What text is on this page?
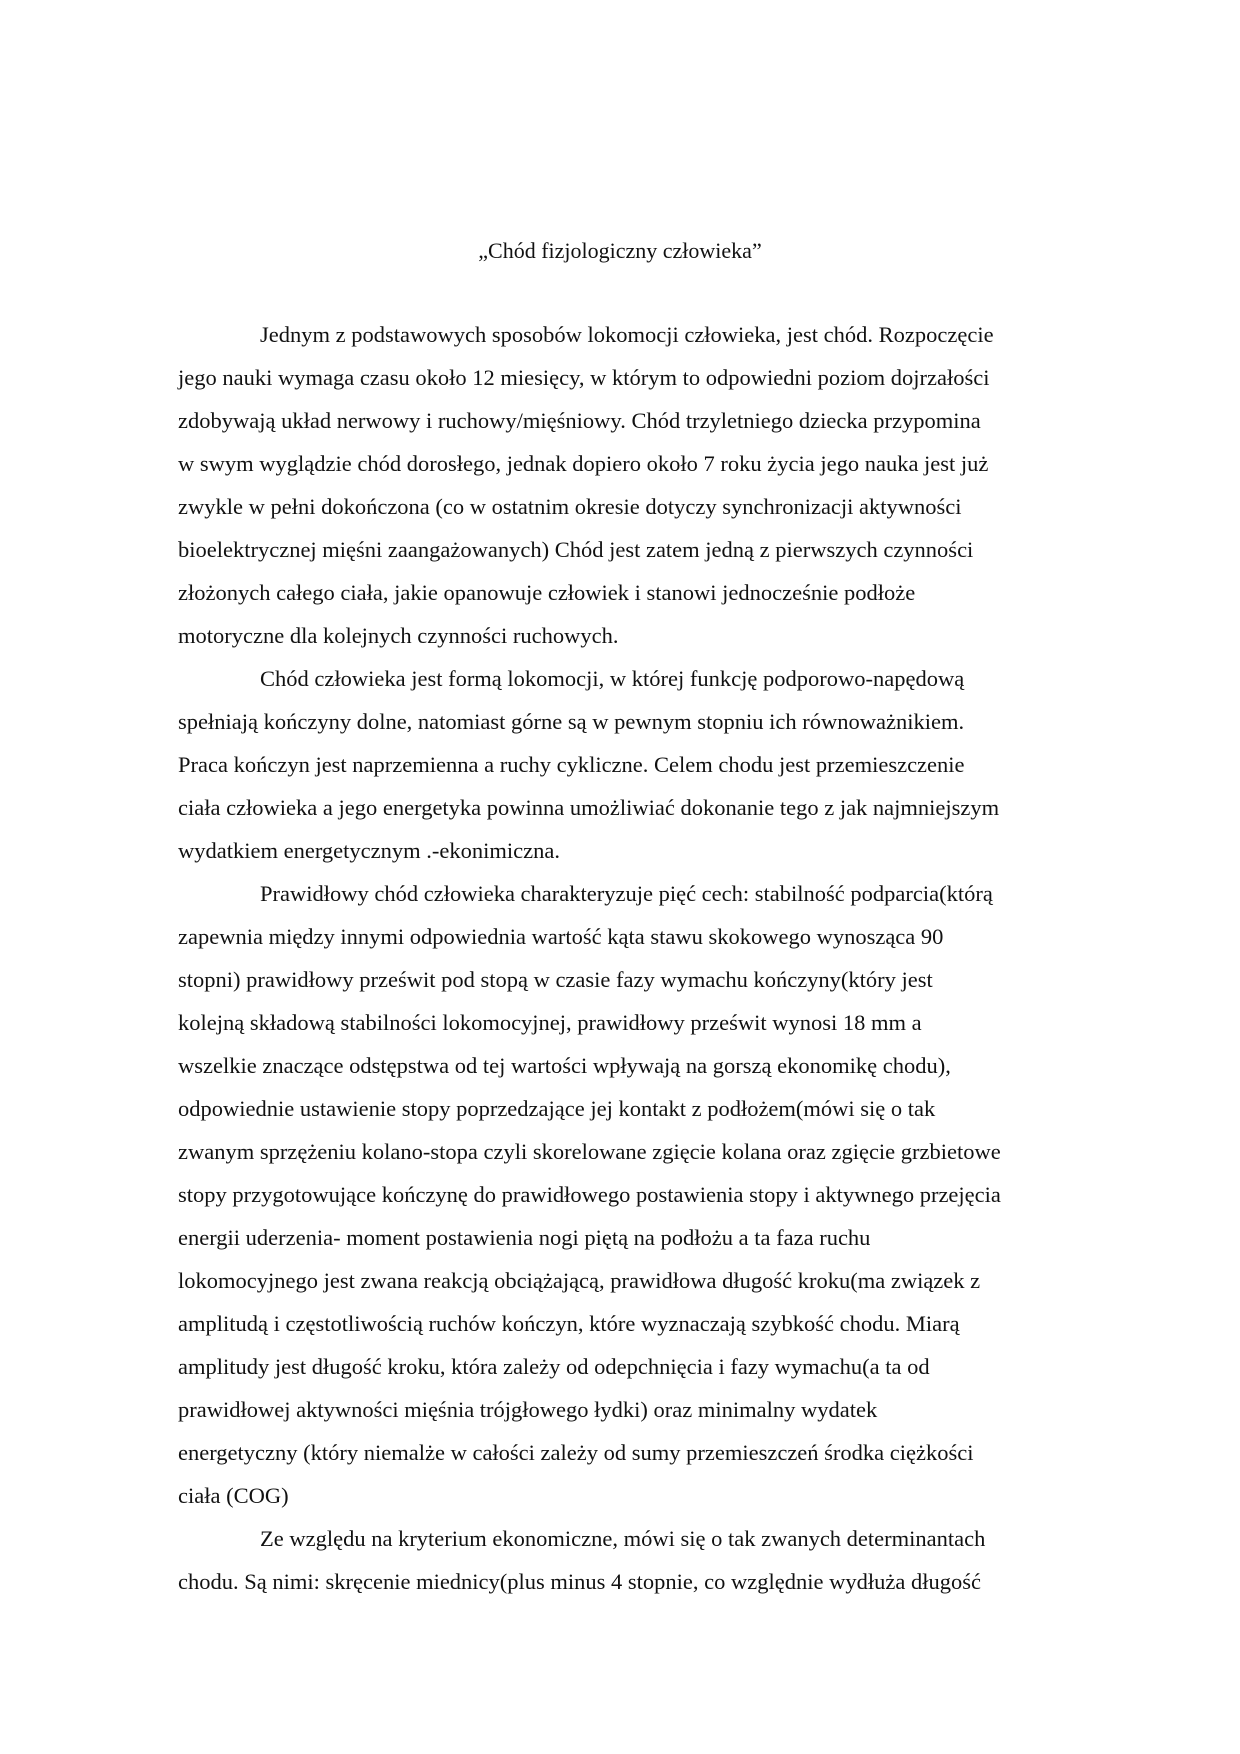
„Chód fizjologiczny człowieka”
Jednym z podstawowych sposobów lokomocji człowieka, jest chód. Rozpoczęcie
jego nauki wymaga czasu około 12 miesięcy, w którym to odpowiedni poziom dojrzałości
zdobywają układ nerwowy i ruchowy/mięśniowy. Chód trzyletniego dziecka przypomina
w swym wyglądzie chód dorosłego, jednak dopiero około 7 roku życia jego nauka jest już
zwykle w pełni dokończona (co w ostatnim okresie dotyczy synchronizacji aktywności
bioelektrycznej mięśni zaangażowanych) Chód jest zatem jedną z pierwszych czynności
złożonych całego ciała, jakie opanowuje człowiek i stanowi jednocześnie podłoże
motoryczne dla kolejnych czynności ruchowych.
Chód człowieka jest formą lokomocji, w której funkcję podporowo-napędową
spełniają kończyny dolne, natomiast górne są w pewnym stopniu ich równoważnikiem.
Praca kończyn jest naprzemienna a ruchy cykliczne. Celem chodu jest przemieszczenie
ciała człowieka a jego energetyka powinna umożliwiać dokonanie tego z jak najmniejszym
wydatkiem energetycznym .-ekonimiczna.
Prawidłowy chód człowieka charakteryzuje pięć cech: stabilność podparcia(którą
zapewnia między innymi odpowiednia wartość kąta stawu skokowego wynosząca 90
stopni) prawidłowy prześwit pod stopą w czasie fazy wymachu kończyny(który jest
kolejną składową stabilności lokomocyjnej, prawidłowy prześwit wynosi 18 mm a
wszelkie znaczące odstępstwa od tej wartości wpływają na gorszą ekonomikę chodu),
odpowiednie ustawienie stopy poprzedzające jej kontakt z podłożem(mówi się o tak
zwanym sprzężeniu kolano-stopa czyli skorelowane zgięcie kolana oraz zgięcie grzbietowe
stopy przygotowujące kończynę do prawidłowego postawienia stopy i aktywnego przejęcia
energii uderzenia- moment postawienia nogi piętą na podłożu a ta faza ruchu
lokomocyjnego jest zwana reakcją obciążającą, prawidłowa długość kroku(ma związek z
amplitudą i częstotliwością ruchów kończyn, które wyznaczają szybkość chodu. Miarą
amplitudy jest długość kroku, która zależy od odepchnięcia i fazy wymachu(a ta od
prawidłowej aktywności mięśnia trójgłowego łydki) oraz minimalny wydatek
energetyczny (który niemalże w całości zależy od sumy przemieszczeń środka ciężkości
ciała (COG)
Ze względu na kryterium ekonomiczne, mówi się o tak zwanych determinantach
chodu. Są nimi: skręcenie miednicy(plus minus 4 stopnie, co względnie wydłuża długość
